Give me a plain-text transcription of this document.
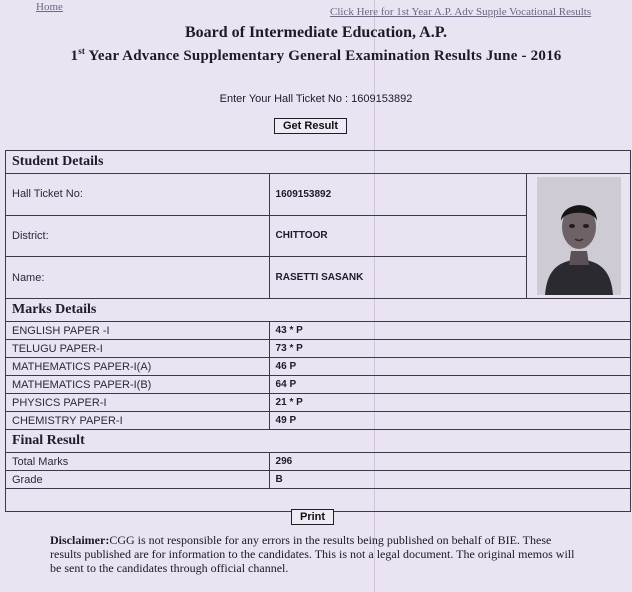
Home	Click Here for 1st Year A.P. Adv Supple Vocational Results
Board of Intermediate Education, A.P.
1st Year Advance Supplementary General Examination Results June - 2016
Enter Your Hall Ticket No : 1609153892
Get Result
Student Details		
Hall Ticket No:	1609153892	

District:	CHITTOOR	
Name:	RASETTI SASANK	
Marks Details		
ENGLISH PAPER -I	43 * P	
TELUGU PAPER-I	73 * P	
MATHEMATICS PAPER-I(A)	46 P	
MATHEMATICS PAPER-I(B)	64 P	
PHYSICS PAPER-I	21 * P	
CHEMISTRY PAPER-I	49 P	
Final Result		
Total Marks	296	
Grade	B	

Print
Disclaimer:CGG is not responsible for any errors in the results being published on behalf of BIE. These results published are for information to the candidates. This is not a legal document. The original memos will be sent to the candidates through official channel.
